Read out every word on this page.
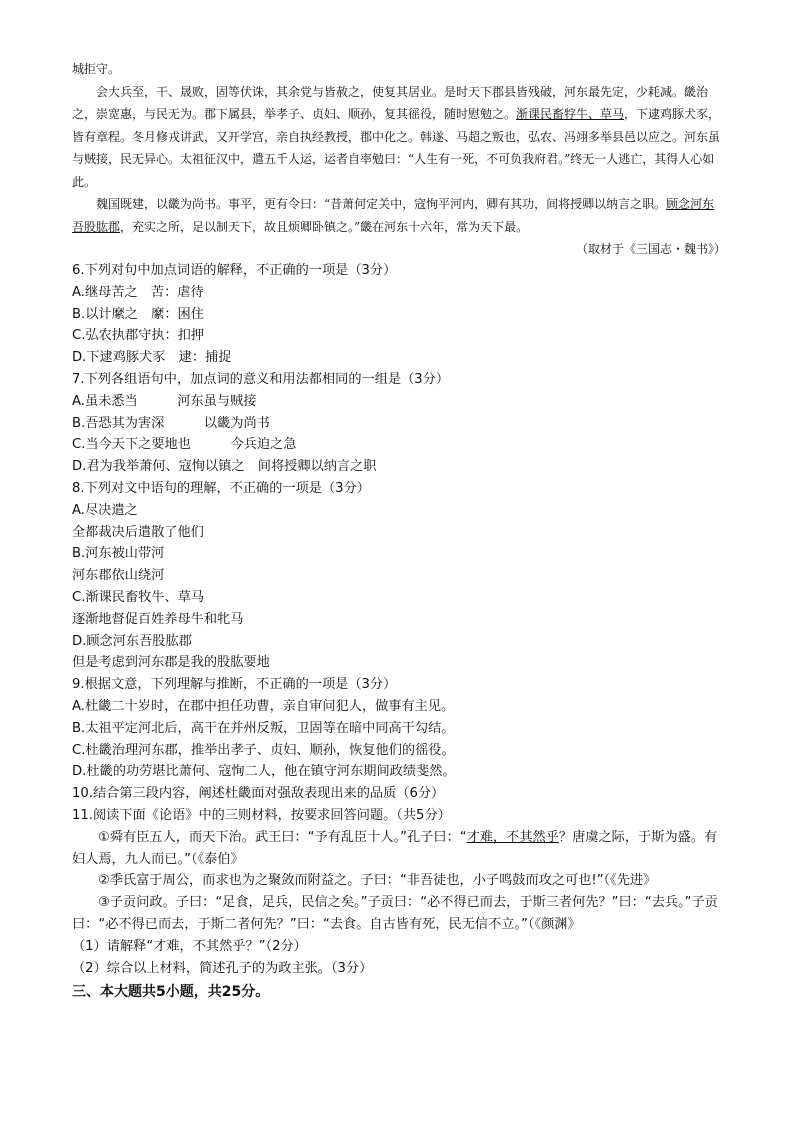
城拒守。

会大兵至，干、晟败，固等伏诛，其余党与皆赦之，使复其居业。是时天下郡县皆残破，河东最先定，少耗减。畿治之，崇宽惠，与民无为。郡下属县，举孝子、贞妇、顺孙，复其徭役，随时慰勉之。渐课民畜牸牛、草马，下逮鸡豚犬豕，皆有章程。冬月修戎讲武，又开学宫，亲自执经教授，郡中化之。韩遂、马超之叛也，弘农、冯翊多举县邑以应之。河东虽与贼接，民无异心。太祖征汉中，遣五千人运，运者自率勉曰：“人生有一死，不可负我府君。”终无一人逃亡，其得人心如此。

魏国既建，以畿为尚书。事平，更有令曰：“昔萧何定关中，寇恂平河内，卿有其功，间将授卿以纳言之职。顾念河东吾股肱郡，充实之所，足以制天下，故且烦卿卧镇之。”畿在河东十六年，常为天下最。

（取材于《三国志・魏书》）

6.下列对句中加点词语的解释，不正确的一项是（3分）

A.继母苦之　苦：虐待

B.以计縻之　縻：困住

C.弘农执郡守执：扣押

D.下逮鸡豚犬豕　逮：捕捉

7.下列各组语句中，加点词的意义和用法都相同的一组是（3分）

A.虽未悉当　　　河东虽与贼接

B.吾恐其为害深　　　以畿为尚书

C.当今天下之要地也　　　今兵迫之急

D.君为我举萧何、寇恂以镇之　间将授卿以纳言之职

8.下列对文中语句的理解，不正确的一项是（3分）

A.尽决遣之

全都裁决后遣散了他们

B.河东被山带河

河东郡依山绕河

C.渐课民畜牧牛、草马

逐渐地督促百姓养母牛和牝马

D.顾念河东吾股肱郡

但是考虑到河东郡是我的股肱要地

9.根据文意，下列理解与推断，不正确的一项是（3分）

A.杜畿二十岁时，在郡中担任功曹，亲自审问犯人，做事有主见。

B.太祖平定河北后，高干在并州反叛，卫固等在暗中同高干勾结。

C.杜畿治理河东郡，推举出孝子、贞妇、顺孙，恢复他们的徭役。

D.杜畿的功劳堪比萧何、寇恂二人，他在镇守河东期间政绩斐然。

10.结合第三段内容，阐述杜畿面对强敌表现出来的品质（6分）

11.阅读下面《论语》中的三则材料，按要求回答问题。（共5分）

①舜有臣五人，而天下治。武王曰：“予有乱臣十人。”孔子曰：“才难，不其然乎？唐虞之际，于斯为盛。有妇人焉，九人而已。”（《泰伯》

②季氏富于周公，而求也为之聚敛而附益之。子曰：“非吾徒也，小子鸣鼓而攻之可也!”（《先进》

③子贡问政。子曰：“足食，足兵，民信之矣。”子贡曰：“必不得已而去，于斯三者何先？”曰：“去兵。”子贡曰：“必不得已而去，于斯二者何先？”曰：“去食。自古皆有死，民无信不立。”（《颜渊》

（1）请解释“才难，不其然乎？”（2分）

（2）综合以上材料，简述孔子的为政主张。（3分）

三、本大题共5小题，共25分。
